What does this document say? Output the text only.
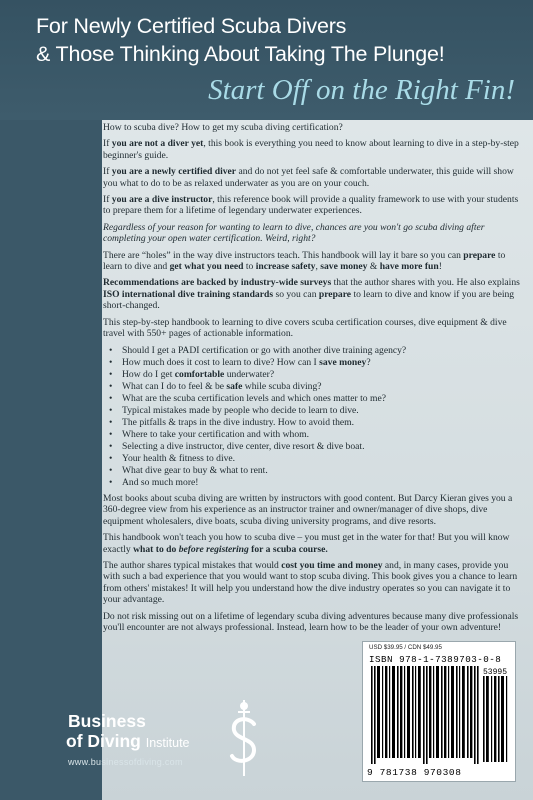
For Newly Certified Scuba Divers
& Those Thinking About Taking The Plunge!
Start Off on the Right Fin!

How to scuba dive? How to get my scuba diving certification?

If you are not a diver yet, this book is everything you need to know about learning to dive in a step-by-step beginner's guide.

If you are a newly certified diver and do not yet feel safe & comfortable underwater, this guide will show you what to do to be as relaxed underwater as you are on your couch.

If you are a dive instructor, this reference book will provide a quality framework to use with your students to prepare them for a lifetime of legendary underwater experiences.

Regardless of your reason for wanting to learn to dive, chances are you won't go scuba diving after completing your open water certification. Weird, right?

There are “holes” in the way dive instructors teach. This handbook will lay it bare so you can prepare to learn to dive and get what you need to increase safety, save money & have more fun!

Recommendations are backed by industry-wide surveys that the author shares with you. He also explains ISO international dive training standards so you can prepare to learn to dive and know if you are being short-changed.

This step-by-step handbook to learning to dive covers scuba certification courses, dive equipment & dive travel with 550+ pages of actionable information.

• Should I get a PADI certification or go with another dive training agency?
• How much does it cost to learn to dive? How can I save money?
• How do I get comfortable underwater?
• What can I do to feel & be safe while scuba diving?
• What are the scuba certification levels and which ones matter to me?
• Typical mistakes made by people who decide to learn to dive.
• The pitfalls & traps in the dive industry. How to avoid them.
• Where to take your certification and with whom.
• Selecting a dive instructor, dive center, dive resort & dive boat.
• Your health & fitness to dive.
• What dive gear to buy & what to rent.
• And so much more!

Most books about scuba diving are written by instructors with good content. But Darcy Kieran gives you a 360-degree view from his experience as an instructor trainer and owner/manager of dive shops, dive equipment wholesalers, dive boats, scuba diving university programs, and dive resorts.

This handbook won't teach you how to scuba dive – you must get in the water for that! But you will know exactly what to do before registering for a scuba course.

The author shares typical mistakes that would cost you time and money and, in many cases, provide you with such a bad experience that you would want to stop scuba diving. This book gives you a chance to learn from others' mistakes! It will help you understand how the dive industry operates so you can navigate it to your advantage.

Do not risk missing out on a lifetime of legendary scuba diving adventures because many dive professionals you'll encounter are not always professional. Instead, learn how to be the leader of your own adventure!

Business
of Diving Institute
www.businessofdiving.com
USD $39.95 / CDN $49.95
ISBN 978-1-7389703-0-8
53995
9 781738 970308
